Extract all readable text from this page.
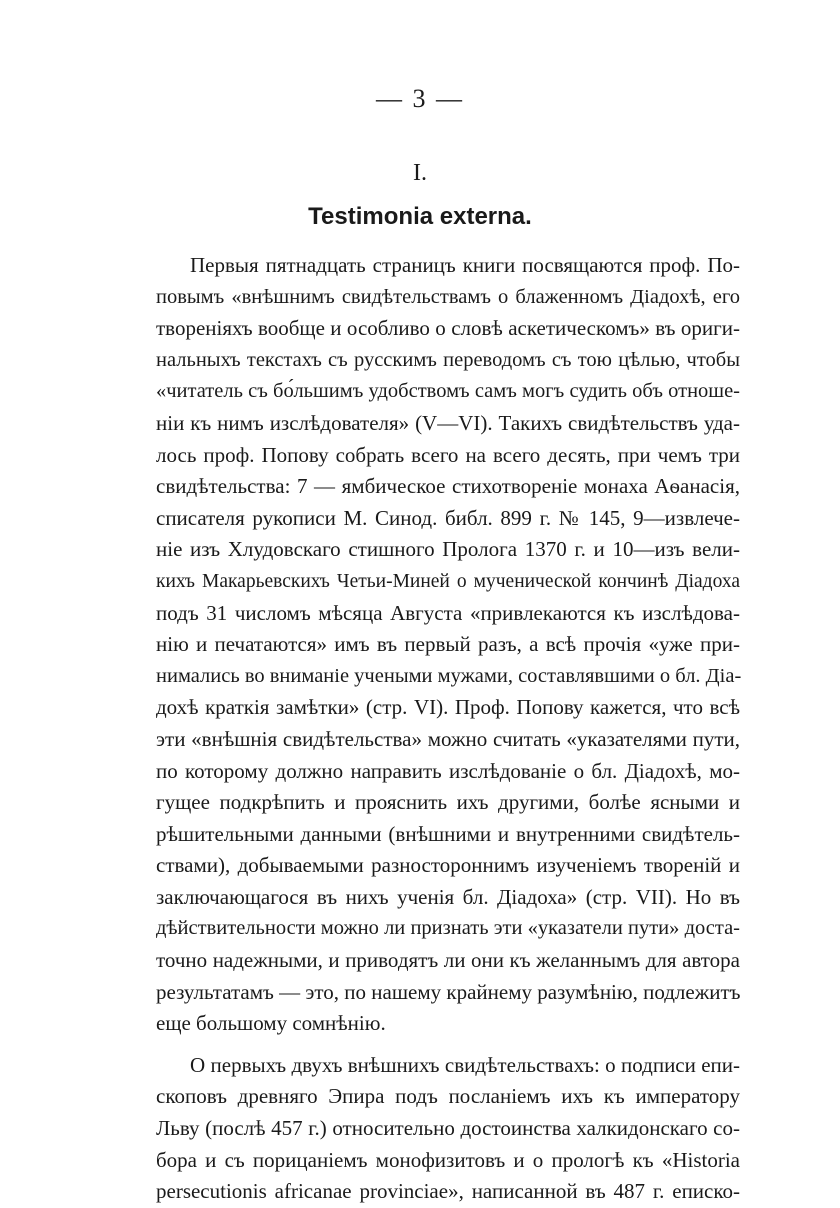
— 3 —
I.
Testimonia externa.
Первыя пятнадцать страницъ книги посвящаются проф. По-
повымъ «внѣшнимъ свидѣтельствамъ о блаженномъ Діадохѣ, его
твореніяхъ вообще и особливо о словѣ аскетическомъ» въ ориги-
нальныхъ текстахъ съ русскимъ переводомъ съ тою цѣлью, чтобы
«читатель съ бо́льшимъ удобствомъ самъ могъ судить объ отноше-
ніи къ нимъ изслѣдователя» (V—VI). Такихъ свидѣтельствъ уда-
лось проф. Попову собрать всего на всего десять, при чемъ три
свидѣтельства: 7 — ямбическое стихотвореніе монаха Аѳанасія,
списателя рукописи М. Синод. библ. 899 г. № 145, 9—извлече-
ніе изъ Хлудовскаго стишного Пролога 1370 г. и 10—изъ вели-
кихъ Макарьевскихъ Четьи-Миней о мученической кончинѣ Діадоха
подъ 31 числомъ мѣсяца Августа «привлекаются къ изслѣдова-
нію и печатаются» имъ въ первый разъ, а всѣ прочія «уже при-
нимались во вниманіе учеными мужами, составлявшими о бл. Діа-
дохѣ краткія замѣтки» (стр. VI). Проф. Попову кажется, что всѣ
эти «внѣшнія свидѣтельства» можно считать «указателями пути,
по которому должно направить изслѣдованіе о бл. Діадохѣ, мо-
гущее подкрѣпить и прояснить ихъ другими, болѣе ясными и
рѣшительными данными (внѣшними и внутренними свидѣтель-
ствами), добываемыми разностороннимъ изученіемъ твореній и
заключающагося въ нихъ ученія бл. Діадоха» (стр. VII). Но въ
дѣйствительности можно ли признать эти «указатели пути» доста-
точно надежными, и приводятъ ли они къ желаннымъ для автора
результатамъ — это, по нашему крайнему разумѣнію, подлежитъ
еще большому сомнѣнію.
О первыхъ двухъ внѣшнихъ свидѣтельствахъ: о подписи епи-
скоповъ древняго Эпира подъ посланіемъ ихъ къ императору
Льву (послѣ 457 г.) относительно достоинства халкидонскаго со-
бора и съ порицаніемъ монофизитовъ и о прологѣ къ «Historia
persecutionis africanae provinciae», написанной въ 487 г. еписко-
